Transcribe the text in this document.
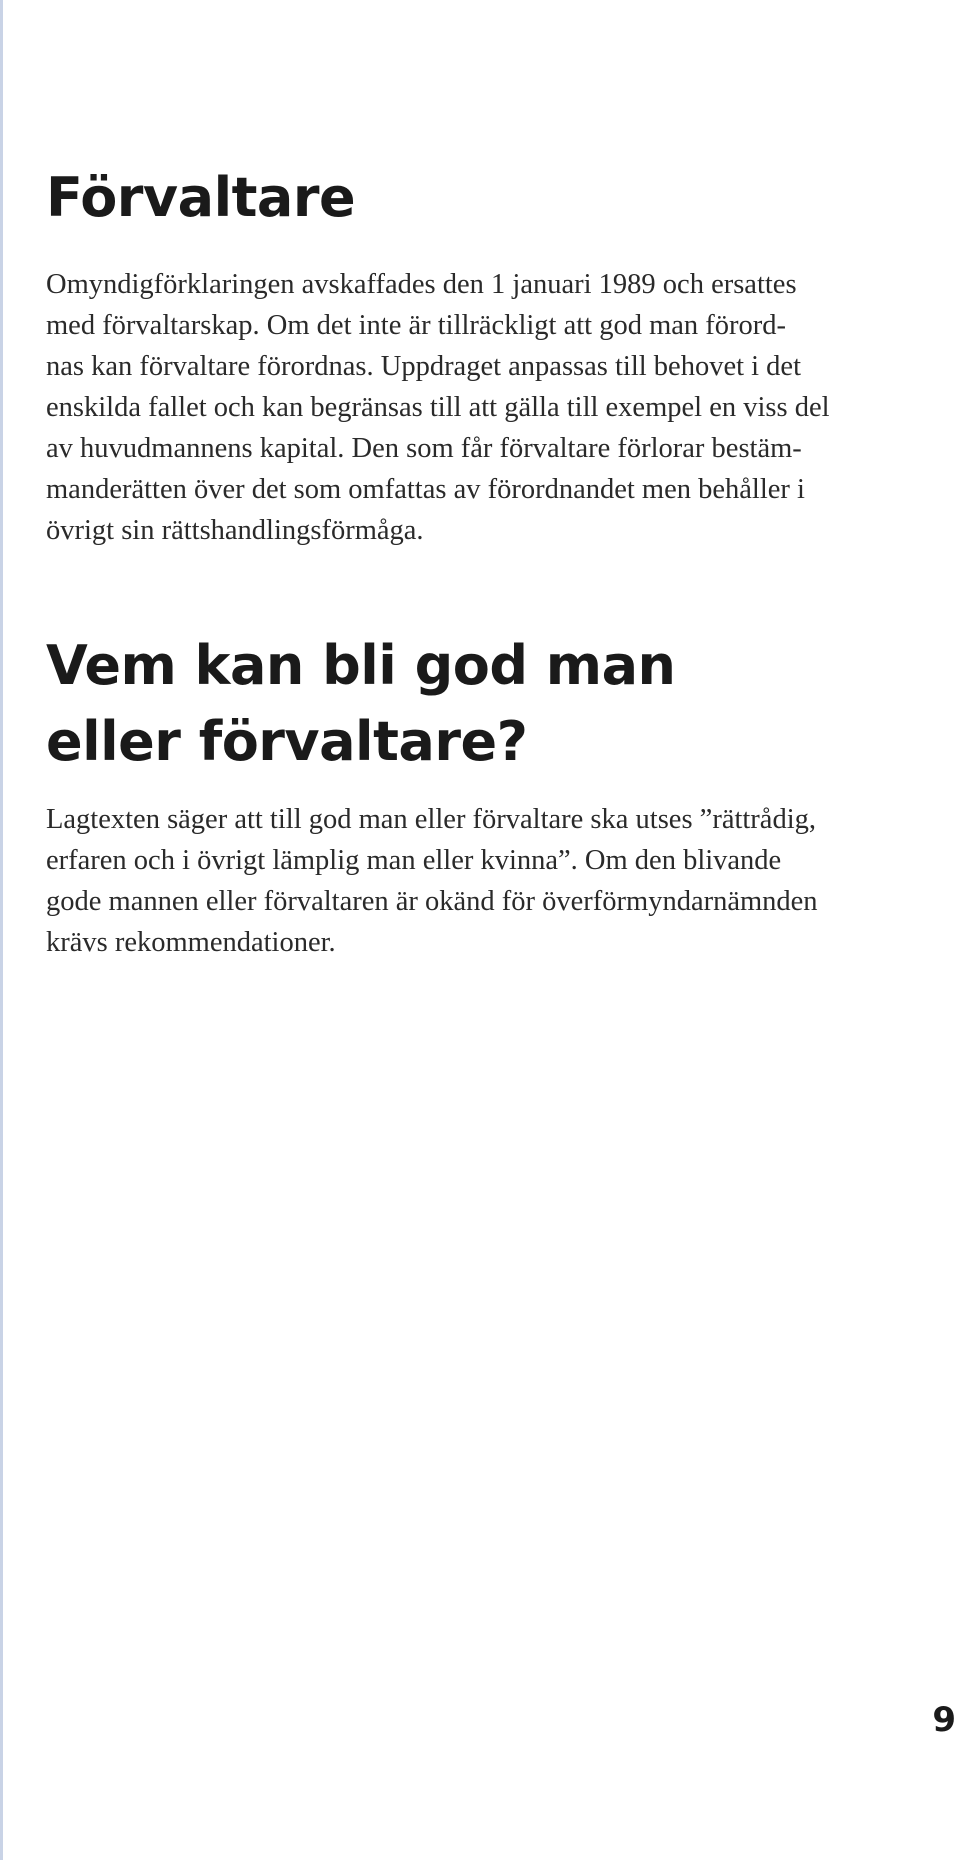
Förvaltare

Omyndigförklaringen avskaffades den 1 januari 1989 och ersattes
med förvaltarskap. Om det inte är tillräckligt att god man förord-
nas kan förvaltare förordnas. Uppdraget anpassas till behovet i det
enskilda fallet och kan begränsas till att gälla till exempel en viss del
av huvudmannens kapital. Den som får förvaltare förlorar bestäm-
manderätten över det som omfattas av förordnandet men behåller i
övrigt sin rättshandlingsförmåga.

Vem kan bli god man
eller förvaltare?

Lagtexten säger att till god man eller förvaltare ska utses ”rättrådig,
erfaren och i övrigt lämplig man eller kvinna”. Om den blivande
gode mannen eller förvaltaren är okänd för överförmyndarnämnden
krävs rekommendationer.

9
